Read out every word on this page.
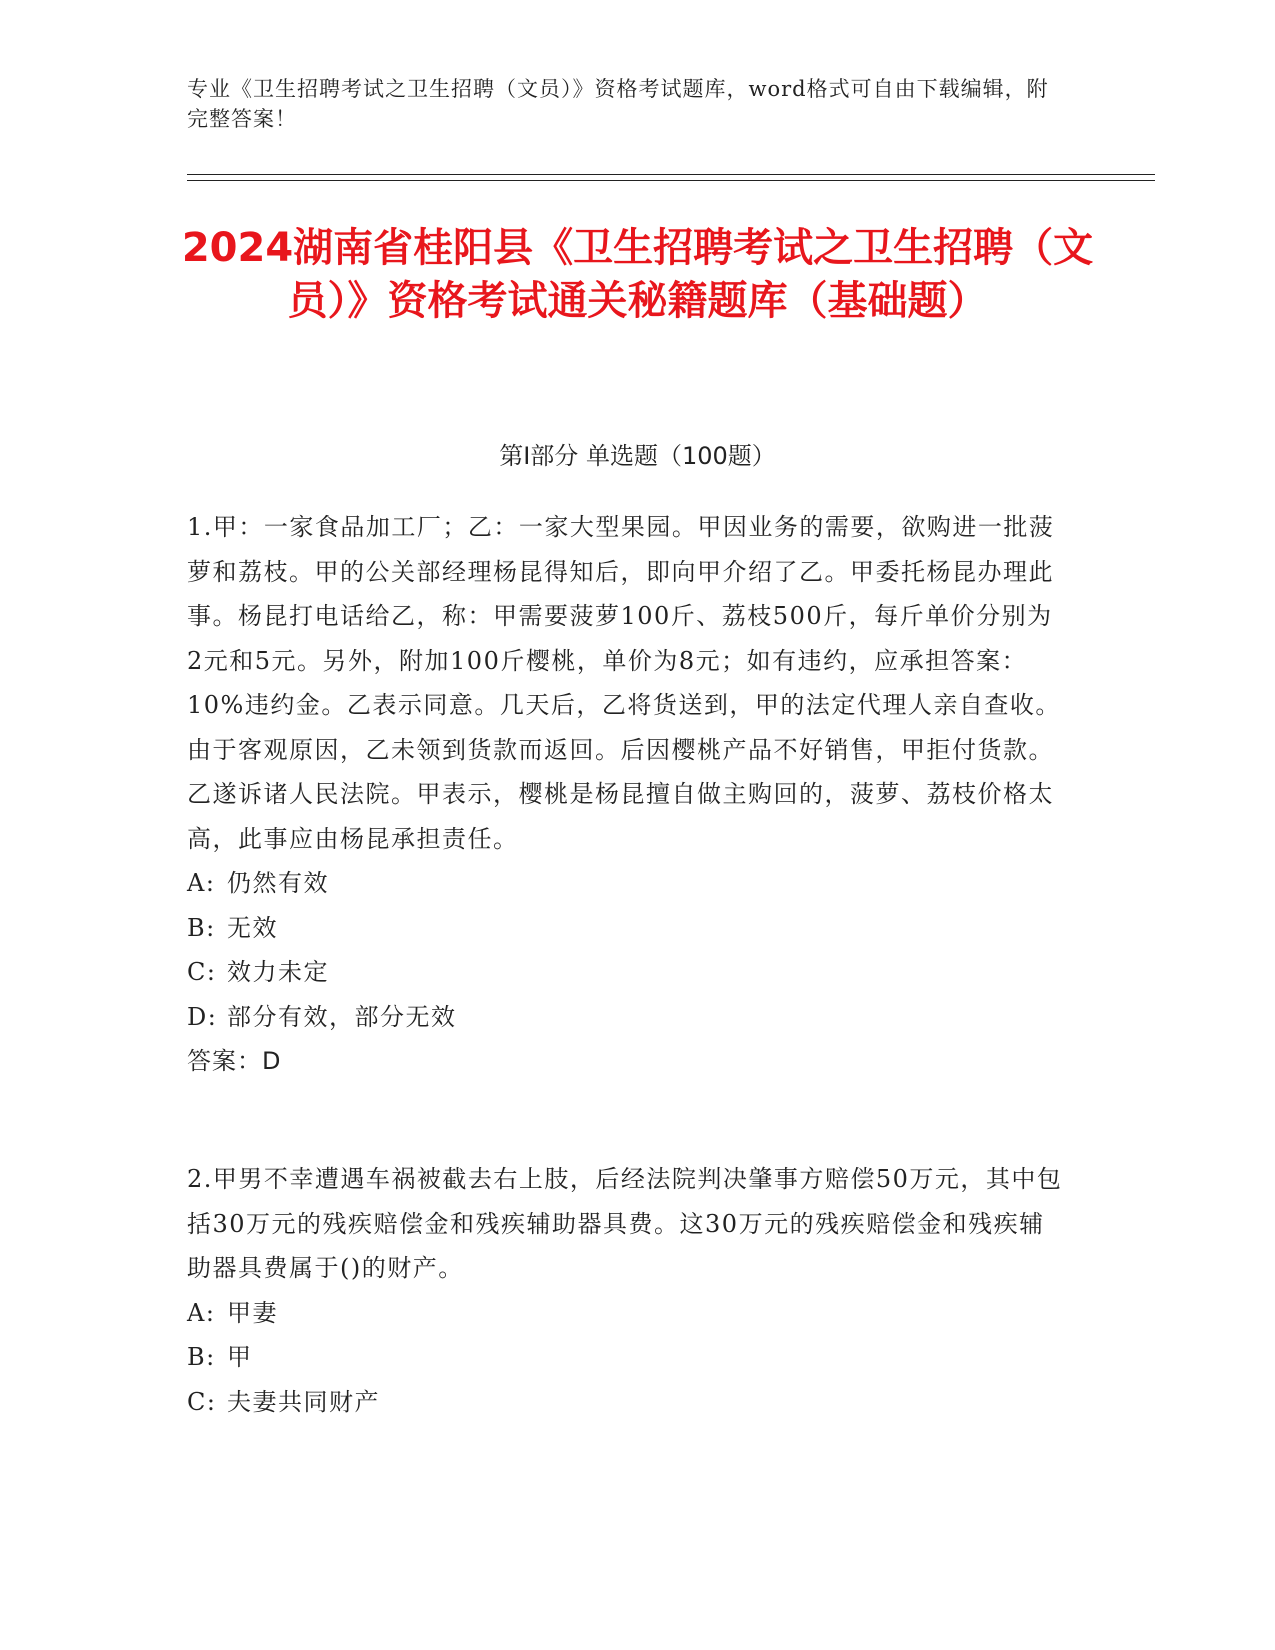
专业《卫生招聘考试之卫生招聘（文员）》资格考试题库，word格式可自由下载编辑，附完整答案！
2024湖南省桂阳县《卫生招聘考试之卫生招聘（文员）》资格考试通关秘籍题库（基础题）
第I部分 单选题（100题）
1.甲：一家食品加工厂；乙：一家大型果园。甲因业务的需要，欲购进一批菠萝和荔枝。甲的公关部经理杨昆得知后，即向甲介绍了乙。甲委托杨昆办理此事。杨昆打电话给乙，称：甲需要菠萝100斤、荔枝500斤，每斤单价分别为2元和5元。另外，附加100斤樱桃，单价为8元；如有违约，应承担答案：10%违约金。乙表示同意。几天后，乙将货送到，甲的法定代理人亲自查收。由于客观原因，乙未领到货款而返回。后因樱桃产品不好销售，甲拒付货款。乙遂诉诸人民法院。甲表示，樱桃是杨昆擅自做主购回的，菠萝、荔枝价格太高，此事应由杨昆承担责任。
A: 仍然有效
B: 无效
C: 效力未定
D: 部分有效，部分无效
答案：D
2.甲男不幸遭遇车祸被截去右上肢，后经法院判决肇事方赔偿50万元，其中包括30万元的残疾赔偿金和残疾辅助器具费。这30万元的残疾赔偿金和残疾辅助器具费属于()的财产。
A: 甲妻
B: 甲
C: 夫妻共同财产
